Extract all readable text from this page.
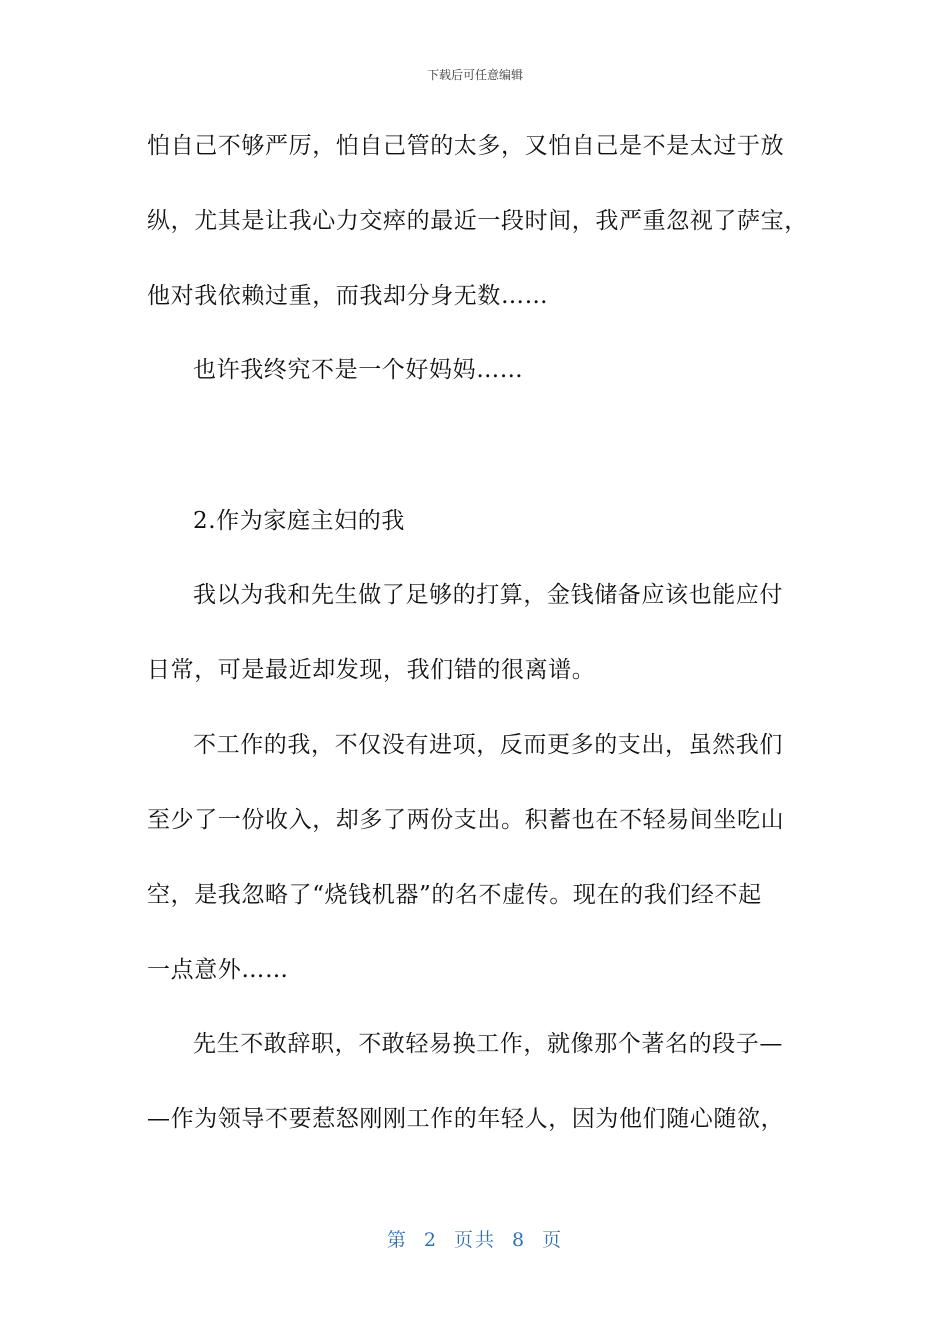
下载后可任意编辑
怕自己不够严厉，怕自己管的太多，又怕自己是不是太过于放
纵，尤其是让我心力交瘁的最近一段时间，我严重忽视了萨宝，
他对我依赖过重，而我却分身无数……
也许我终究不是一个好妈妈……
2.作为家庭主妇的我
我以为我和先生做了足够的打算，金钱储备应该也能应付
日常，可是最近却发现，我们错的很离谱。
不工作的我，不仅没有进项，反而更多的支出，虽然我们
至少了一份收入，却多了两份支出。积蓄也在不轻易间坐吃山
空，是我忽略了“烧钱机器”的名不虚传。现在的我们经不起
一点意外……
先生不敢辞职，不敢轻易换工作，就像那个著名的段子—
—作为领导不要惹怒刚刚工作的年轻人，因为他们随心随欲，
第 2 页共 8 页
